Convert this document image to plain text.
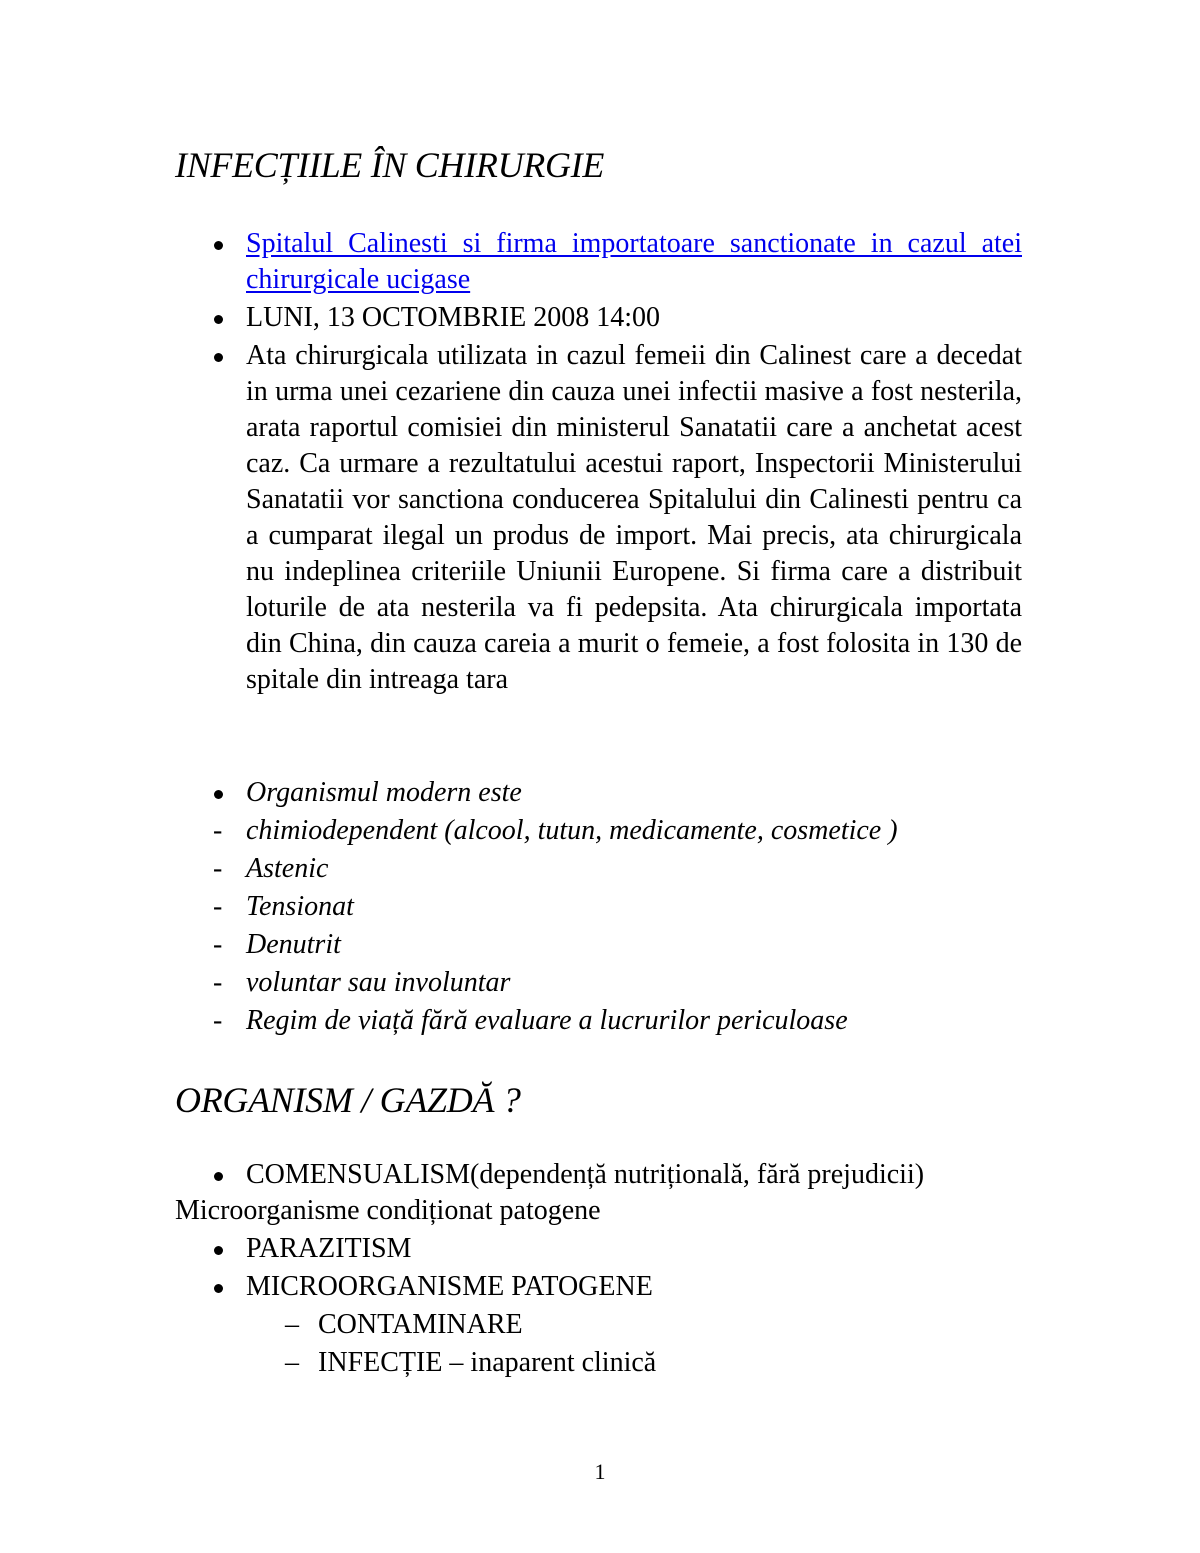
INFECȚIILE ÎN CHIRURGIE
Spitalul Calinesti si firma importatoare sanctionate in cazul atei chirurgicale ucigase
LUNI, 13 OCTOMBRIE 2008 14:00
Ata chirurgicala utilizata in cazul femeii din Calinest care a decedat in urma unei cezariene din cauza unei infectii masive a fost nesterila, arata raportul comisiei din ministerul Sanatatii care a anchetat acest caz. Ca urmare a rezultatului acestui raport, Inspectorii Ministerului Sanatatii vor sanctiona conducerea Spitalului din Calinesti pentru ca a cumparat ilegal un produs de import. Mai precis, ata chirurgicala nu indeplinea criteriile Uniunii Europene. Si firma care a distribuit loturile de ata nesterila va fi pedepsita. Ata chirurgicala importata din China, din cauza careia a murit o femeie, a fost folosita in 130 de spitale din intreaga tara
Organismul modern este
- chimiodependent (alcool, tutun, medicamente, cosmetice )
- Astenic
- Tensionat
- Denutrit
- voluntar sau involuntar
- Regim de viață fără evaluare a lucrurilor periculoase
ORGANISM / GAZDĂ ?
COMENSUALISM(dependență nutrițională, fără prejudicii)
Microorganisme condiționat patogene
PARAZITISM
MICROORGANISME PATOGENE
– CONTAMINARE
– INFECȚIE – inaparent clinică
1
